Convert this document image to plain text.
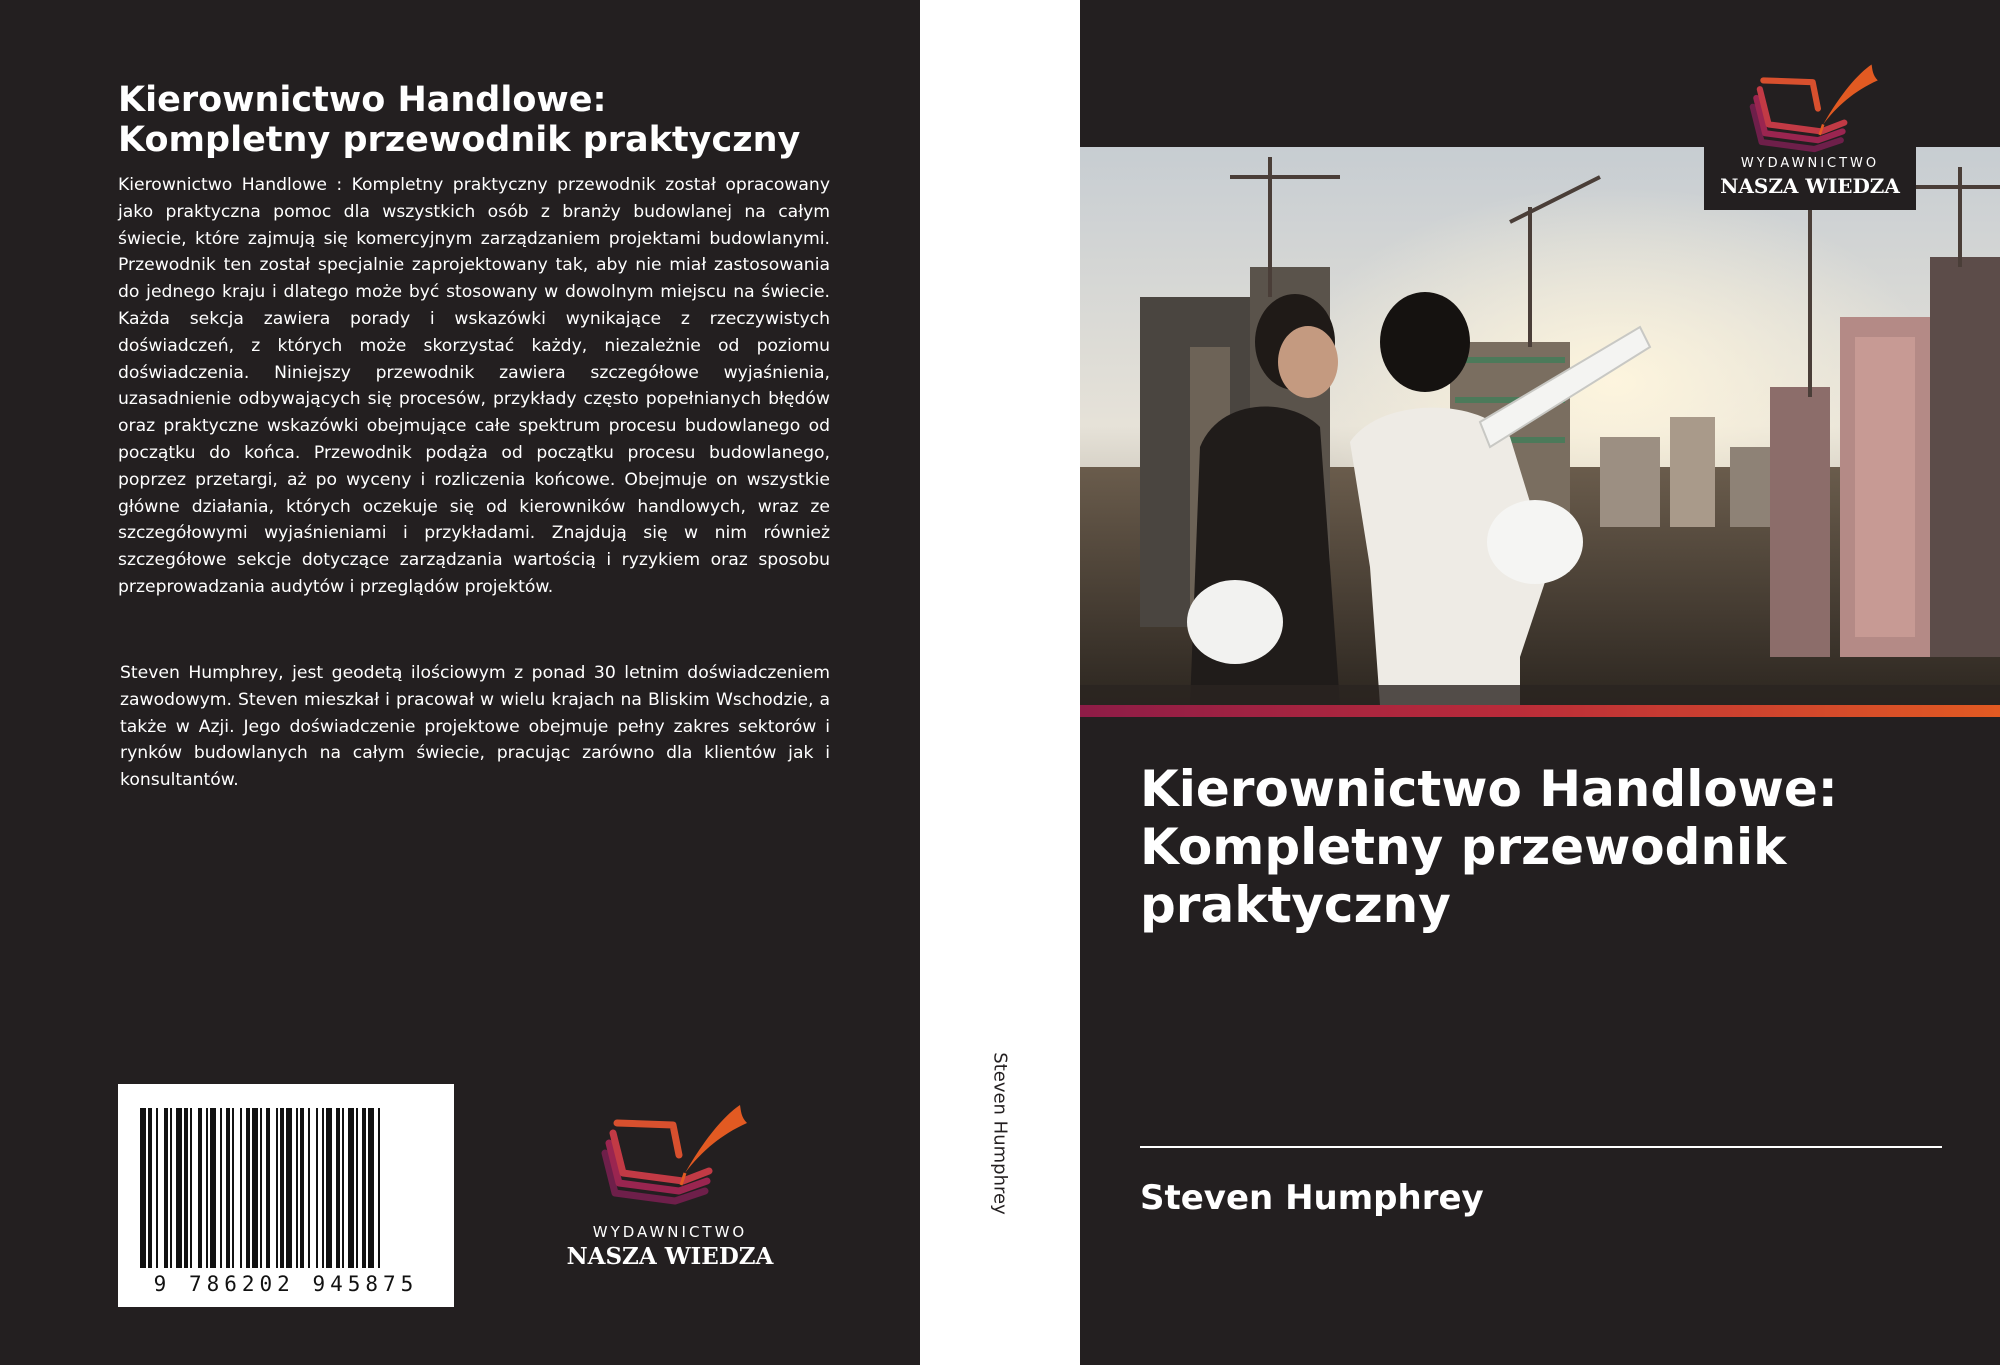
Kierownictwo Handlowe:
Kompletny przewodnik praktyczny

Kierownictwo Handlowe : Kompletny praktyczny przewodnik został opracowany jako praktyczna pomoc dla wszystkich osób z branży budowlanej na całym świecie, które zajmują się komercyjnym zarządzaniem projektami budowlanymi. Przewodnik ten został specjalnie zaprojektowany tak, aby nie miał zastosowania do jednego kraju i dlatego może być stosowany w dowolnym miejscu na świecie. Każda sekcja zawiera porady i wskazówki wynikające z rzeczywistych doświadczeń, z których może skorzystać każdy, niezależnie od poziomu doświadczenia. Niniejszy przewodnik zawiera szczegółowe wyjaśnienia, uzasadnienie odbywających się procesów, przykłady często popełnianych błędów oraz praktyczne wskazówki obejmujące całe spektrum procesu budowlanego od początku do końca. Przewodnik podąża od początku procesu budowlanego, poprzez przetargi, aż po wyceny i rozliczenia końcowe. Obejmuje on wszystkie główne działania, których oczekuje się od kierowników handlowych, wraz ze szczegółowymi wyjaśnieniami i przykładami. Znajdują się w nim również szczegółowe sekcje dotyczące zarządzania wartością i ryzykiem oraz sposobu przeprowadzania audytów i przeglądów projektów.

Steven Humphrey, jest geodetą ilościowym z ponad 30 letnim doświadczeniem zawodowym. Steven mieszkał i pracował w wielu krajach na Bliskim Wschodzie, a także w Azji. Jego doświadczenie projektowe obejmuje pełny zakres sektorów i rynków budowlanych na całym świecie, pracując zarówno dla klientów jak i konsultantów.

9 786202 945875
WYDAWNICTWO
NASZA WIEDZA
Steven Humphrey
WYDAWNICTWO
NASZA WIEDZA
Kierownictwo Handlowe:
Kompletny przewodnik
praktyczny

Steven Humphrey
